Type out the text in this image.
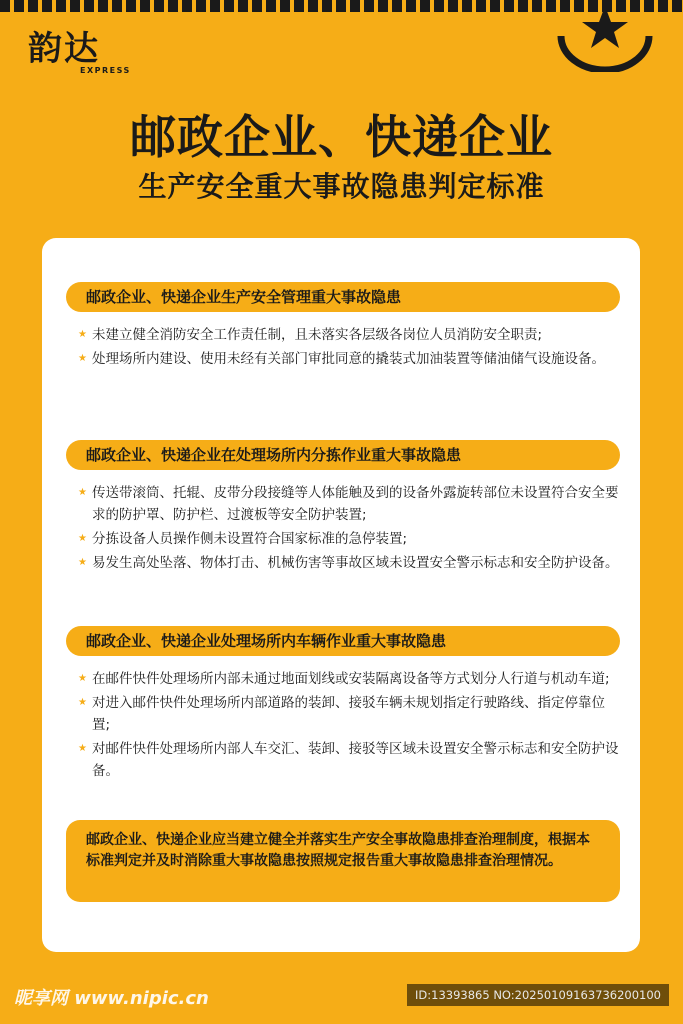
韵达
EXPRESS
邮政企业、快递企业
生产安全重大事故隐患判定标准
邮政企业、快递企业生产安全管理重大事故隐患
★ 未建立健全消防安全工作责任制，且未落实各层级各岗位人员消防安全职责;
★ 处理场所内建设、使用未经有关部门审批同意的撬装式加油装置等储油储气设施设备。
邮政企业、快递企业在处理场所内分拣作业重大事故隐患
★ 传送带滚筒、托辊、皮带分段接缝等人体能触及到的设备外露旋转部位未设置符合安全要求的防护罩、防护栏、过渡板等安全防护装置;
★ 分拣设备人员操作侧未设置符合国家标准的急停装置;
★ 易发生高处坠落、物体打击、机械伤害等事故区域未设置安全警示标志和安全防护设备。
邮政企业、快递企业处理场所内车辆作业重大事故隐患
★ 在邮件快件处理场所内部未通过地面划线或安装隔离设备等方式划分人行道与机动车道;
★ 对进入邮件快件处理场所内部道路的装卸、接驳车辆未规划指定行驶路线、指定停靠位置;
★ 对邮件快件处理场所内部人车交汇、装卸、接驳等区域未设置安全警示标志和安全防护设备。
邮政企业、快递企业应当建立健全并落实生产安全事故隐患排查治理制度，根据本标准判定并及时消除重大事故隐患按照规定报告重大事故隐患排查治理情况。
昵享网 www.nipic.cn	ID:13393865 NO:20250109163736200100
